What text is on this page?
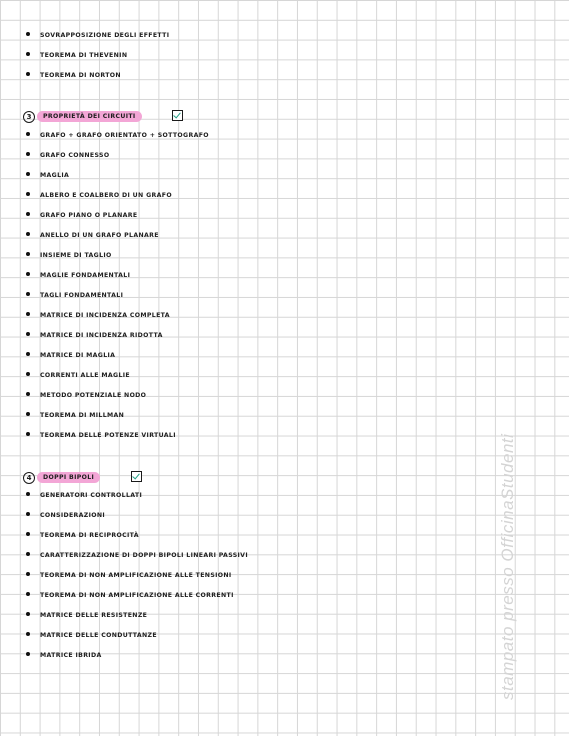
SOVRAPPOSIZIONE DEGLI EFFETTI
TEOREMA DI THEVENIN
TEOREMA DI NORTON
3	PROPRIETÀ DEI CIRCUITI
GRAFO + GRAFO ORIENTATO + SOTTOGRAFO
GRAFO CONNESSO
MAGLIA
ALBERO E COALBERO DI UN GRAFO
GRAFO PIANO O PLANARE
ANELLO DI UN GRAFO PLANARE
INSIEME DI TAGLIO
MAGLIE FONDAMENTALI
TAGLI FONDAMENTALI
MATRICE DI INCIDENZA COMPLETA
MATRICE DI INCIDENZA RIDOTTA
MATRICE DI MAGLIA
CORRENTI ALLE MAGLIE
METODO POTENZIALE NODO
TEOREMA DI MILLMAN
TEOREMA DELLE POTENZE VIRTUALI
4	DOPPI BIPOLI
GENERATORI CONTROLLATI
CONSIDERAZIONI
TEOREMA DI RECIPROCITÀ
CARATTERIZZAZIONE DI DOPPI BIPOLI LINEARI PASSIVI
TEOREMA DI NON AMPLIFICAZIONE ALLE TENSIONI
TEOREMA DI NON AMPLIFICAZIONE ALLE CORRENTI
MATRICE DELLE RESISTENZE
MATRICE DELLE CONDUTTANZE
MATRICE IBRIDA	stampato presso OfficinaStudenti
